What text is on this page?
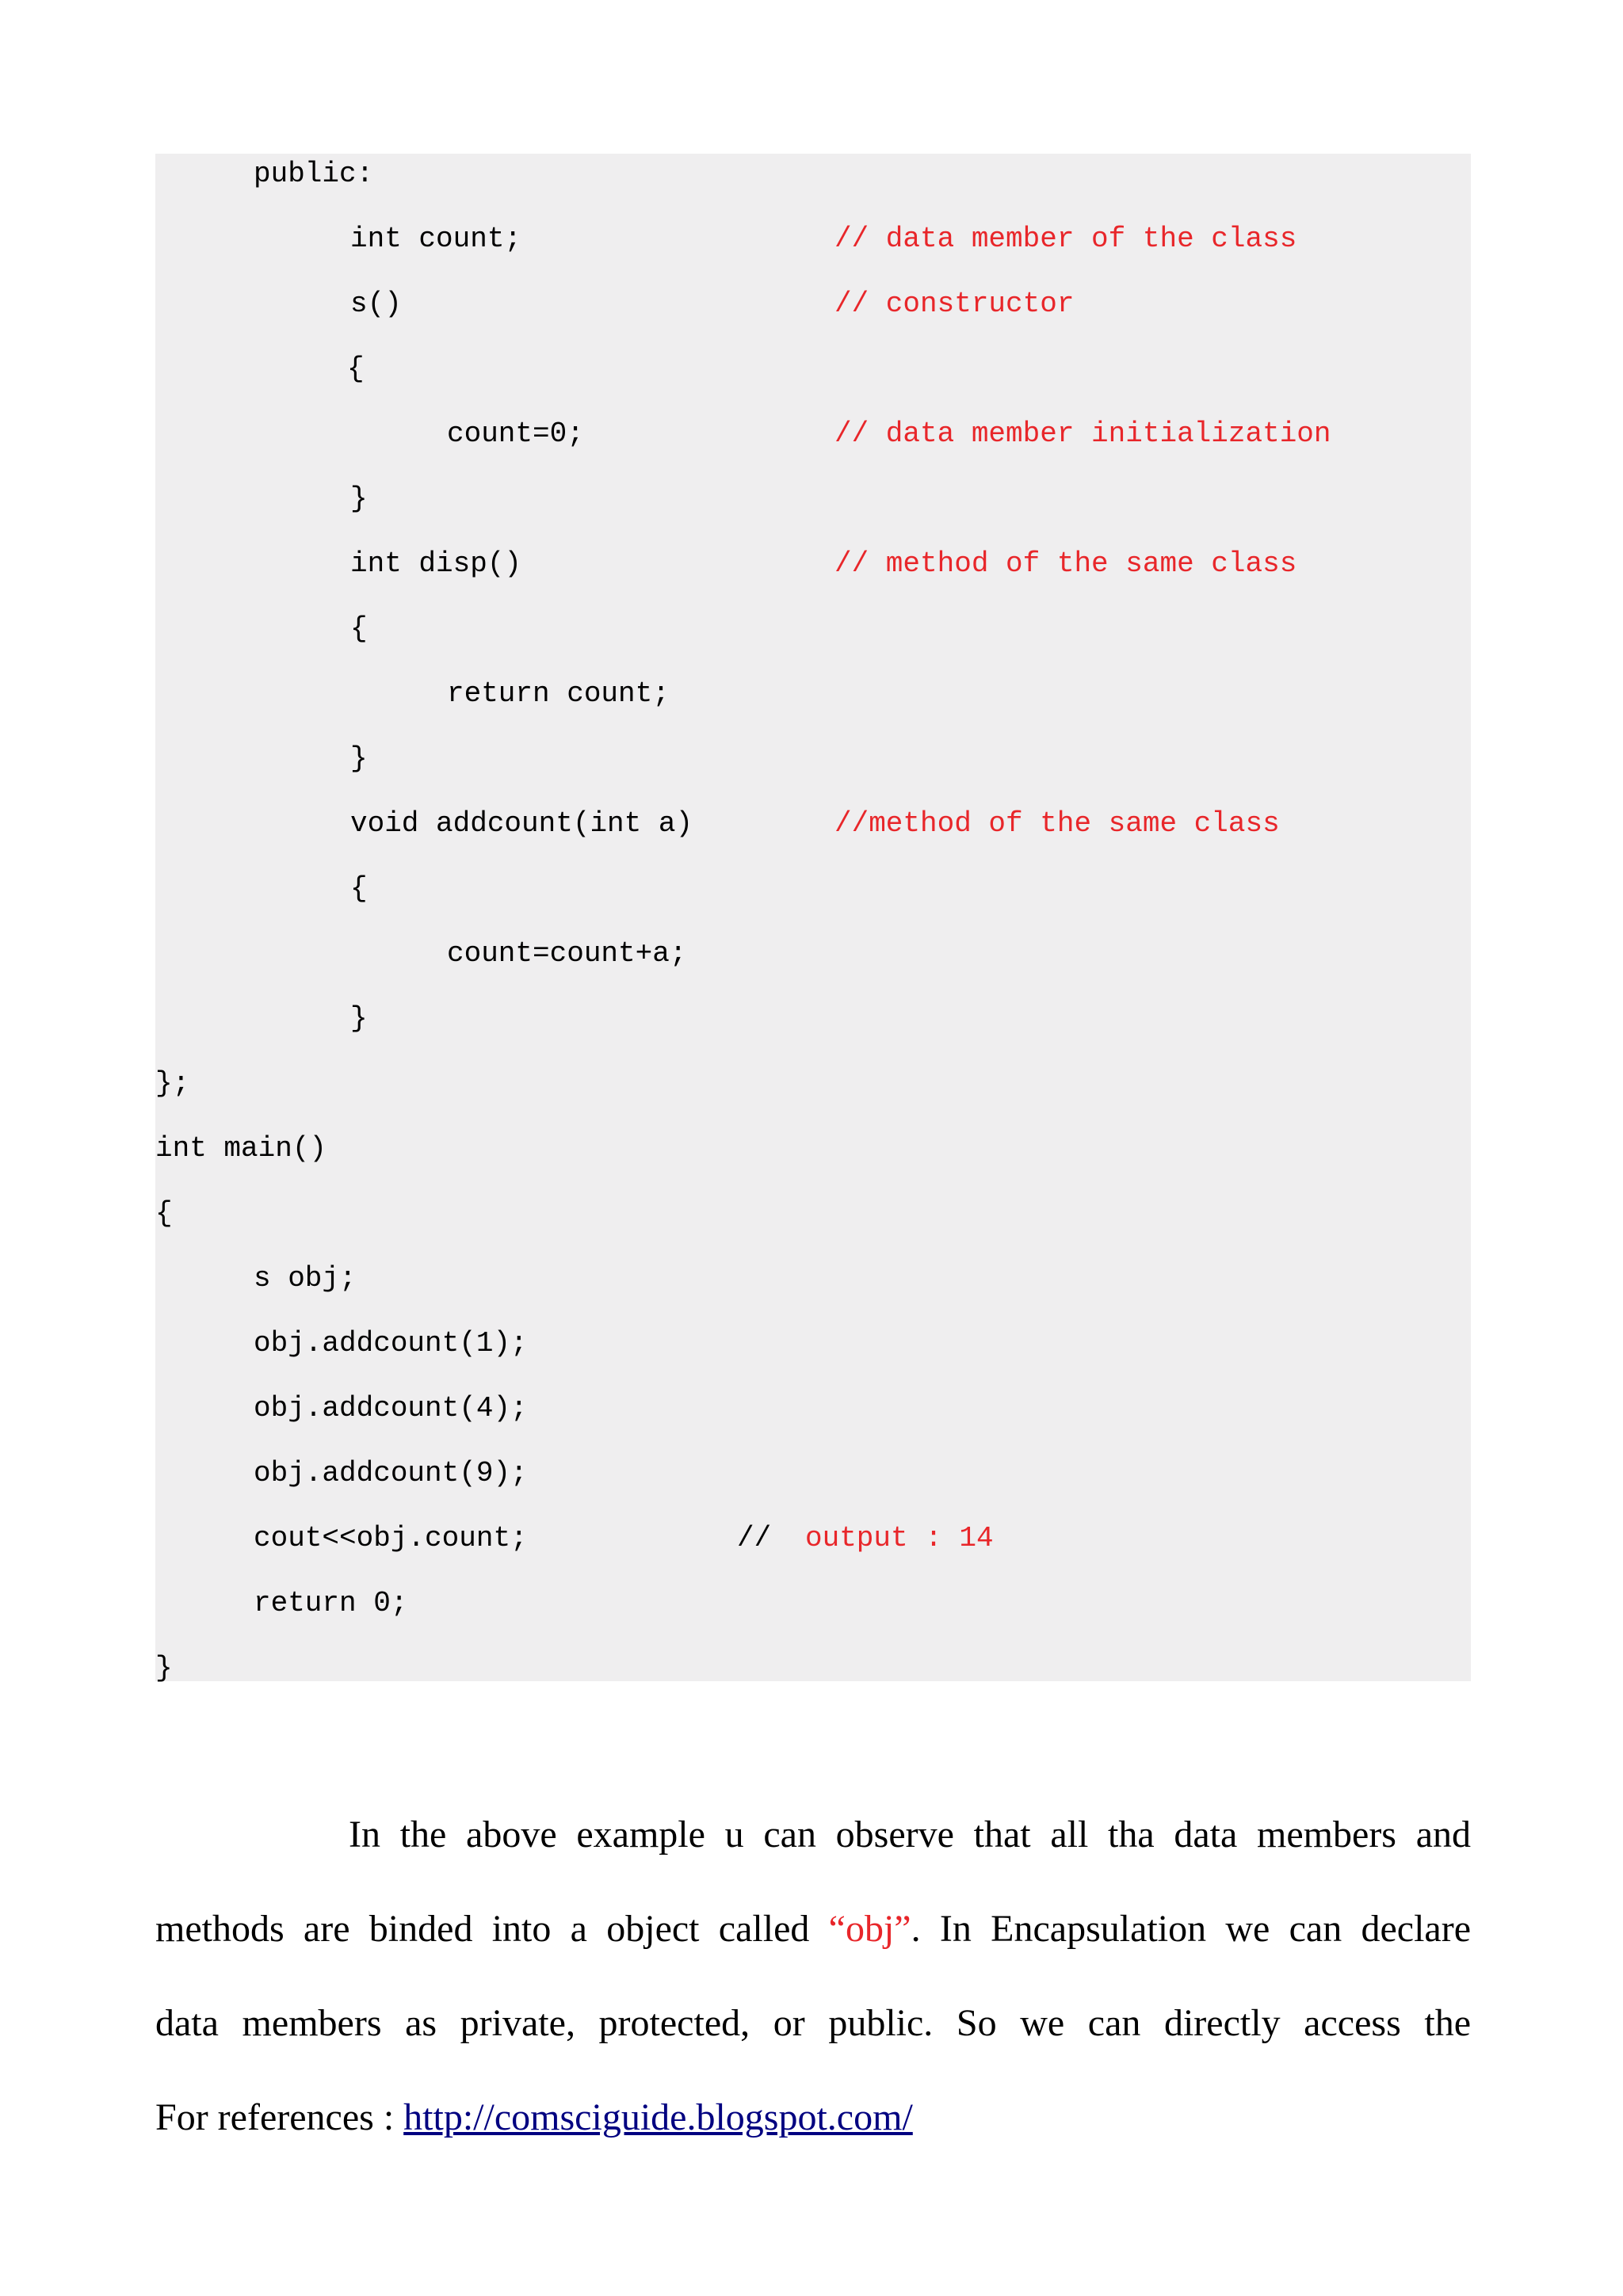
public:

int count;

	// data member of the class

s()

	// constructor

{

count=0;

	// data member initialization

}

int disp()

	// method of the same class

{

return count;

}

void addcount(int a)

	//method of the same class

{

count=count+a;

}

};

int main()

{

s obj;

obj.addcount(1);

obj.addcount(4);

obj.addcount(9);

cout<<obj.count;

	//

output : 14

return 0;

}

In the above example u can observe that all tha data members and
methods are binded into a object called “obj”. In Encapsulation we can declare
data members as private, protected, or public. So we can directly access the
For references : http://comsciguide.blogspot.com/
